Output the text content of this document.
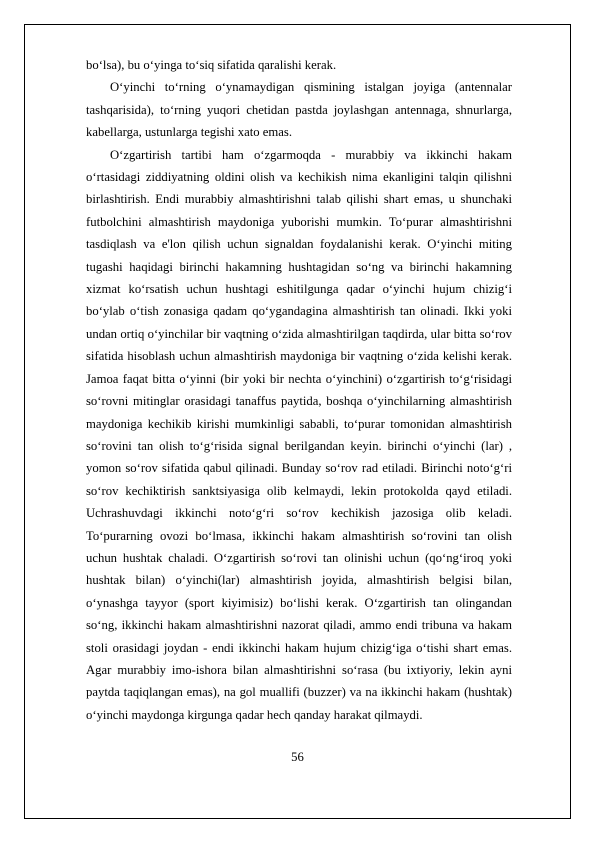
bo‘lsa), bu o‘yinga to‘siq sifatida qaralishi kerak.

O‘yinchi to‘rning o‘ynamaydigan qismining istalgan joyiga (antennalar tashqarisida), to‘rning yuqori chetidan pastda joylashgan antennaga, shnurlarga, kabellarga, ustunlarga tegishi xato emas.

O‘zgartirish tartibi ham o‘zgarmoqda - murabbiy va ikkinchi hakam o‘rtasidagi ziddiyatning oldini olish va kechikish nima ekanligini talqin qilishni birlashtirish. Endi murabbiy almashtirishni talab qilishi shart emas, u shunchaki futbolchini almashtirish maydoniga yuborishi mumkin. To‘purar almashtirishni tasdiqlash va e'lon qilish uchun signaldan foydalanishi kerak. O‘yinchi miting tugashi haqidagi birinchi hakamning hushtagidan so‘ng va birinchi hakamning xizmat ko‘rsatish uchun hushtagi eshitilgunga qadar o‘yinchi hujum chizig‘i bo‘ylab o‘tish zonasiga qadam qo‘ygandagina almashtirish tan olinadi. Ikki yoki undan ortiq o‘yinchilar bir vaqtning o‘zida almashtirilgan taqdirda, ular bitta so‘rov sifatida hisoblash uchun almashtirish maydoniga bir vaqtning o‘zida kelishi kerak. Jamoa faqat bitta o‘yinni (bir yoki bir nechta o‘yinchini) o‘zgartirish to‘g‘risidagi so‘rovni mitinglar orasidagi tanaffus paytida, boshqa o‘yinchilarning almashtirish maydoniga kechikib kirishi mumkinligi sababli, to‘purar tomonidan almashtirish so‘rovini tan olish to‘g‘risida signal berilgandan keyin. birinchi o‘yinchi (lar) , yomon so‘rov sifatida qabul qilinadi. Bunday so‘rov rad etiladi. Birinchi noto‘g‘ri so‘rov kechiktirish sanktsiyasiga olib kelmaydi, lekin protokolda qayd etiladi. Uchrashuvdagi ikkinchi noto‘g‘ri so‘rov kechikish jazosiga olib keladi. To‘purarning ovozi bo‘lmasa, ikkinchi hakam almashtirish so‘rovini tan olish uchun hushtak chaladi. O‘zgartirish so‘rovi tan olinishi uchun (qo‘ng‘iroq yoki hushtak bilan) o‘yinchi(lar) almashtirish joyida, almashtirish belgisi bilan, o‘ynashga tayyor (sport kiyimisiz) bo‘lishi kerak. O‘zgartirish tan olingandan so‘ng, ikkinchi hakam almashtirishni nazorat qiladi, ammo endi tribuna va hakam stoli orasidagi joydan - endi ikkinchi hakam hujum chizig‘iga o‘tishi shart emas. Agar murabbiy imo-ishora bilan almashtirishni so‘rasa (bu ixtiyoriy, lekin ayni paytda taqiqlangan emas), na gol muallifi (buzzer) va na ikkinchi hakam (hushtak) o‘yinchi maydonga kirgunga qadar hech qanday harakat qilmaydi.

56
